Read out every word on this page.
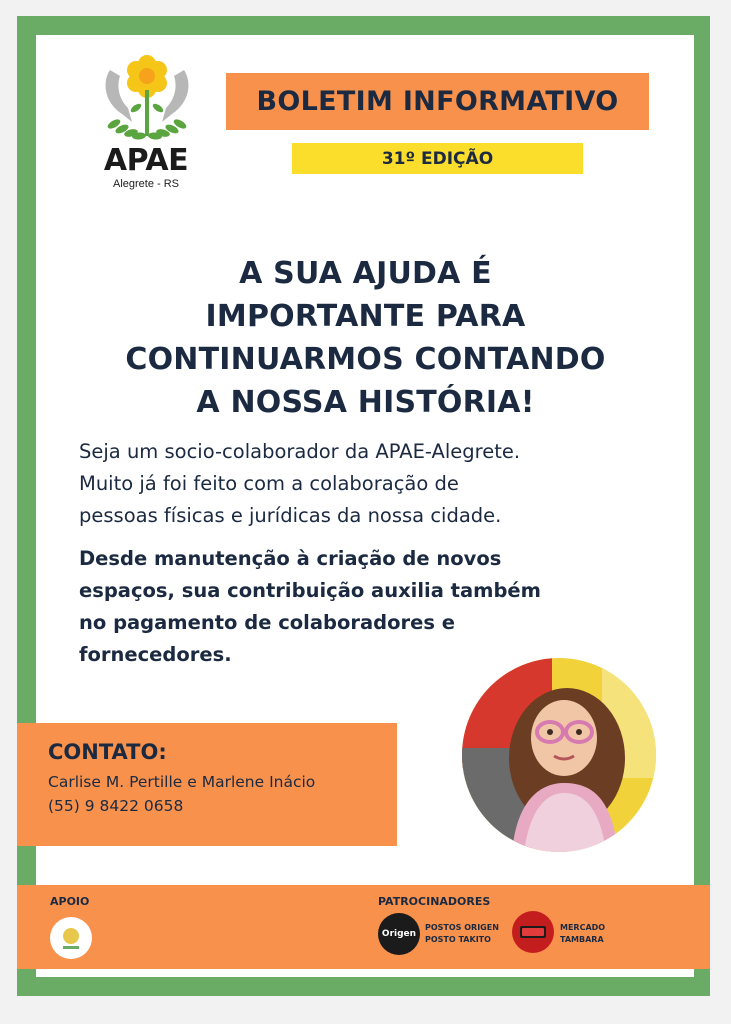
APAE
Alegrete - RS
BOLETIM INFORMATIVO
31º EDIÇÃO
A SUA AJUDA É
IMPORTANTE PARA
CONTINUARMOS CONTANDO
A NOSSA HISTÓRIA!
Seja um socio-colaborador da APAE-Alegrete.
Muito já foi feito com a colaboração de
pessoas físicas e jurídicas da nossa cidade.
Desde manutenção à criação de novos
espaços, sua contribuição auxilia também
no pagamento de colaboradores e
fornecedores.
CONTATO:
Carlise M. Pertille e Marlene Inácio
(55) 9 8422 0658
APOIO	PATROCINADORES
Origen
POSTOS ORIGEN
POSTO TAKITO
MERCADO
TAMBARA
